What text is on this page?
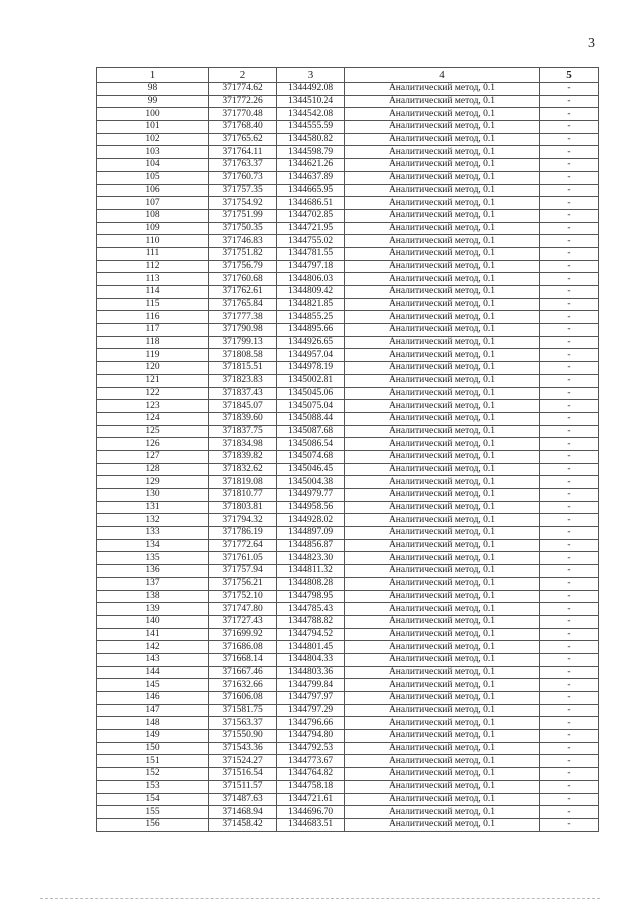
3
1	2	3	4	5
98	371774.62	1344492.08	Аналитический метод, 0.1	-
99	371772.26	1344510.24	Аналитический метод, 0.1	-
100	371770.48	1344542.08	Аналитический метод, 0.1	-
101	371768.40	1344555.59	Аналитический метод, 0.1	-
102	371765.62	1344580.82	Аналитический метод, 0.1	-
103	371764.11	1344598.79	Аналитический метод, 0.1	-
104	371763.37	1344621.26	Аналитический метод, 0.1	-
105	371760.73	1344637.89	Аналитический метод, 0.1	-
106	371757.35	1344665.95	Аналитический метод, 0.1	-
107	371754.92	1344686.51	Аналитический метод, 0.1	-
108	371751.99	1344702.85	Аналитический метод, 0.1	-
109	371750.35	1344721.95	Аналитический метод, 0.1	-
110	371746.83	1344755.02	Аналитический метод, 0.1	-
111	371751.82	1344781.55	Аналитический метод, 0.1	-
112	371756.79	1344797.18	Аналитический метод, 0.1	-
113	371760.68	1344806.03	Аналитический метод, 0.1	-
114	371762.61	1344809.42	Аналитический метод, 0.1	-
115	371765.84	1344821.85	Аналитический метод, 0.1	-
116	371777.38	1344855.25	Аналитический метод, 0.1	-
117	371790.98	1344895.66	Аналитический метод, 0.1	-
118	371799.13	1344926.65	Аналитический метод, 0.1	-
119	371808.58	1344957.04	Аналитический метод, 0.1	-
120	371815.51	1344978.19	Аналитический метод, 0.1	-
121	371823.83	1345002.81	Аналитический метод, 0.1	-
122	371837.43	1345045.06	Аналитический метод, 0.1	-
123	371845.07	1345075.04	Аналитический метод, 0.1	-
124	371839.60	1345088.44	Аналитический метод, 0.1	-
125	371837.75	1345087.68	Аналитический метод, 0.1	-
126	371834.98	1345086.54	Аналитический метод, 0.1	-
127	371839.82	1345074.68	Аналитический метод, 0.1	-
128	371832.62	1345046.45	Аналитический метод, 0.1	-
129	371819.08	1345004.38	Аналитический метод, 0.1	-
130	371810.77	1344979.77	Аналитический метод, 0.1	-
131	371803.81	1344958.56	Аналитический метод, 0.1	-
132	371794.32	1344928.02	Аналитический метод, 0.1	-
133	371786.19	1344897.09	Аналитический метод, 0.1	-
134	371772.64	1344856.87	Аналитический метод, 0.1	-
135	371761.05	1344823.30	Аналитический метод, 0.1	-
136	371757.94	1344811.32	Аналитический метод, 0.1	-
137	371756.21	1344808.28	Аналитический метод, 0.1	-
138	371752.10	1344798.95	Аналитический метод, 0.1	-
139	371747.80	1344785.43	Аналитический метод, 0.1	-
140	371727.43	1344788.82	Аналитический метод, 0.1	-
141	371699.92	1344794.52	Аналитический метод, 0.1	-
142	371686.08	1344801.45	Аналитический метод, 0.1	-
143	371668.14	1344804.33	Аналитический метод, 0.1	-
144	371667.46	1344803.36	Аналитический метод, 0.1	-
145	371632.66	1344799.84	Аналитический метод, 0.1	-
146	371606.08	1344797.97	Аналитический метод, 0.1	-
147	371581.75	1344797.29	Аналитический метод, 0.1	-
148	371563.37	1344796.66	Аналитический метод, 0.1	-
149	371550.90	1344794.80	Аналитический метод, 0.1	-
150	371543.36	1344792.53	Аналитический метод, 0.1	-
151	371524.27	1344773.67	Аналитический метод, 0.1	-
152	371516.54	1344764.82	Аналитический метод, 0.1	-
153	371511.57	1344758.18	Аналитический метод, 0.1	-
154	371487.63	1344721.61	Аналитический метод, 0.1	-
155	371468.94	1344696.70	Аналитический метод, 0.1	-
156	371458.42	1344683.51	Аналитический метод, 0.1	-
